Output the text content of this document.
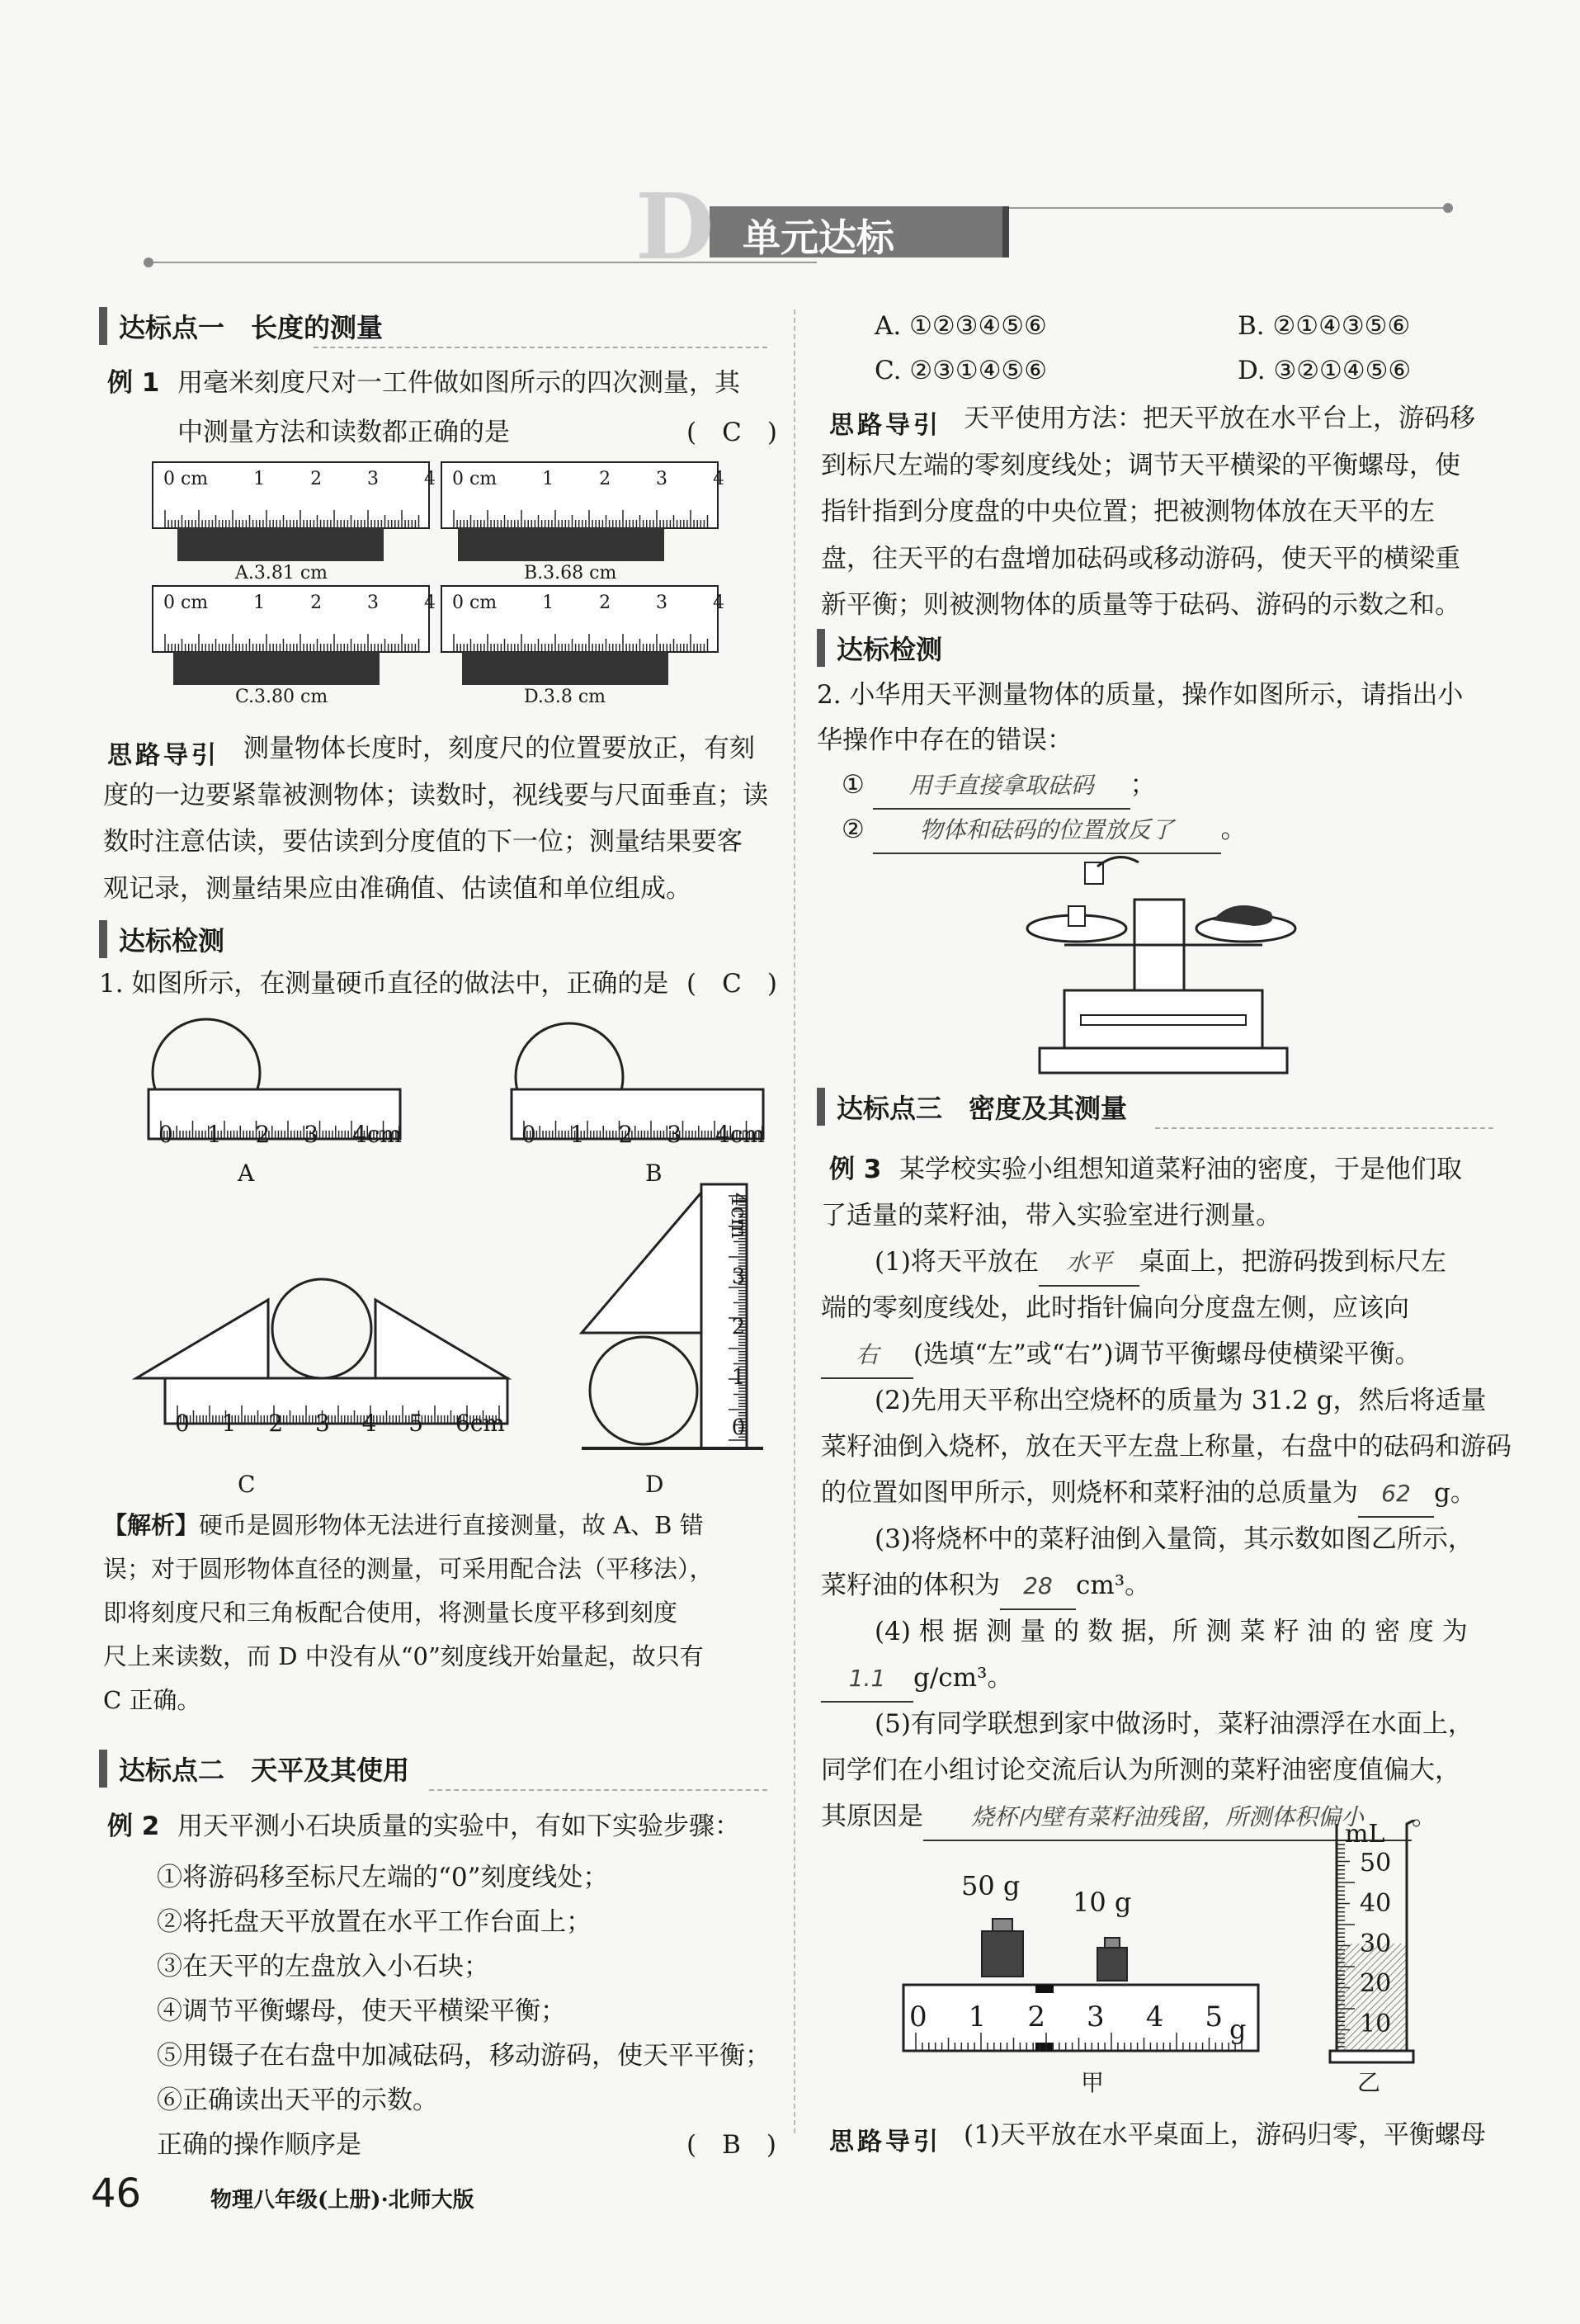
D 单元达标
达标点一　长度的测量
例 1 用毫米刻度尺对一工件做如图所示的四次测量，其
中测量方法和读数都正确的是	(　C　)
A.3.81 cm	B.3.68 cm
C.3.80 cm	D.3.8 cm
0 cm 1 2 3 4 0 cm 1 2 3 4
0 cm 1 2 3 4 0 cm 1 2 3 4
思路导引 测量物体长度时，刻度尺的位置要放正，有刻
度的一边要紧靠被测物体；读数时，视线要与尺面垂直；读
数时注意估读，要估读到分度值的下一位；测量结果要客
观记录，测量结果应由准确值、估读值和单位组成。
达标检测
1. 如图所示，在测量硬币直径的做法中，正确的是 (　C　)
0 1 2 3 4cm	0 1 2 3 4cm
0 1 2 3 4 5 6cm	0
1
2
3
4cm
A	B
C	D
【解析】硬币是圆形物体无法进行直接测量，故 A、B 错
误；对于圆形物体直径的测量，可采用配合法（平移法），
即将刻度尺和三角板配合使用，将测量长度平移到刻度
尺上来读数，而 D 中没有从“0”刻度线开始量起，故只有
C 正确。
达标点二　天平及其使用
例 2 用天平测小石块质量的实验中，有如下实验步骤：
①将游码移至标尺左端的“0”刻度线处；
②将托盘天平放置在水平工作台面上；
③在天平的左盘放入小石块；
④调节平衡螺母，使天平横梁平衡；
⑤用镊子在右盘中加减砝码，移动游码，使天平平衡；
⑥正确读出天平的示数。
正确的操作顺序是	(　B　)
A. ①②③④⑤⑥	B. ②①④③⑤⑥
C. ②③①④⑤⑥	D. ③②①④⑤⑥
思路导引 天平使用方法：把天平放在水平台上，游码移
到标尺左端的零刻度线处；调节天平横梁的平衡螺母，使
指针指到分度盘的中央位置；把被测物体放在天平的左
盘，往天平的右盘增加砝码或移动游码，使天平的横梁重
新平衡；则被测物体的质量等于砝码、游码的示数之和。
达标检测
2. 小华用天平测量物体的质量，操作如图所示，请指出小
华操作中存在的错误：
① 用手直接拿取砝码 ；
② 物体和砝码的位置放反了 。
达标点三　密度及其测量
例 3 某学校实验小组想知道菜籽油的密度，于是他们取
了适量的菜籽油，带入实验室进行测量。
(1)将天平放在 水平 桌面上，把游码拨到标尺左
端的零刻度线处，此时指针偏向分度盘左侧，应该向
右 (选填“左”或“右”)调节平衡螺母使横梁平衡。
(2)先用天平称出空烧杯的质量为 31.2 g，然后将适量
菜籽油倒入烧杯，放在天平左盘上称量，右盘中的砝码和游码
的位置如图甲所示，则烧杯和菜籽油的总质量为 62 g。
(3)将烧杯中的菜籽油倒入量筒，其示数如图乙所示，
菜籽油的体积为 28 cm³。
(4) 根 据 测 量 的 数 据，所 测 菜 籽 油 的 密 度 为
1.1 g/cm³。
(5)有同学联想到家中做汤时，菜籽油漂浮在水面上，
同学们在小组讨论交流后认为所测的菜籽油密度值偏大，
其原因是 烧杯内壁有菜籽油残留，所测体积偏小 。
50 g
10 g
0 1 2 3 4 5 g
甲
mL
50
40
30
20
10
乙
思路导引 (1)天平放在水平桌面上，游码归零，平衡螺母
46	物理八年级(上册)·北师大版
